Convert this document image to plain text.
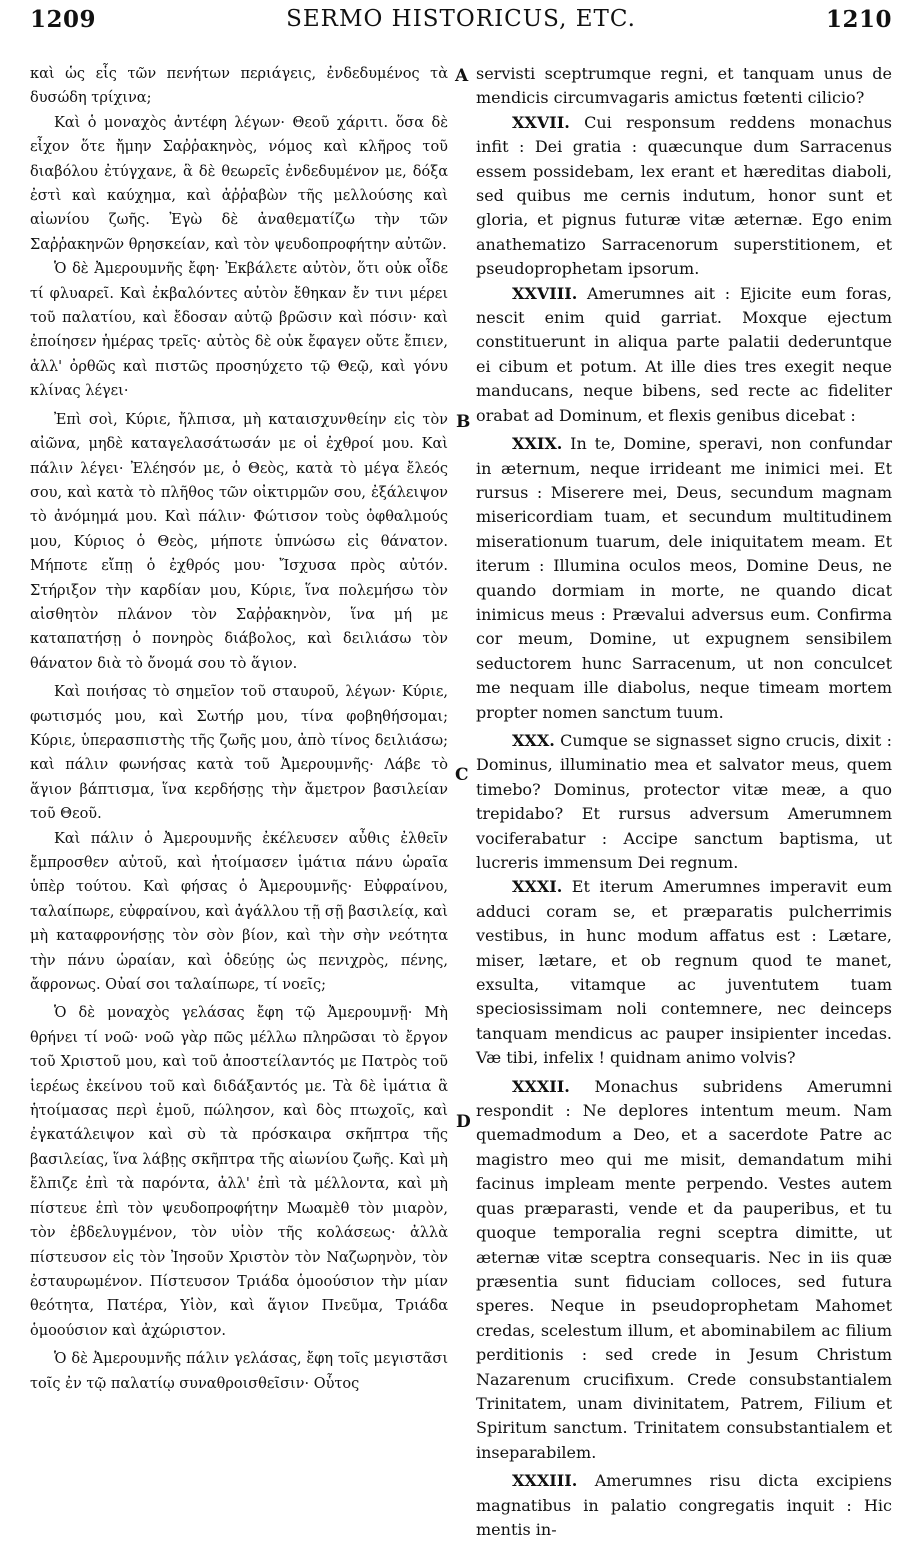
1209	SERMO HISTORICUS, ETC.	1210

καὶ ὡς εἷς τῶν πενήτων περιάγεις, ἐνδεδυμένος τὰ δυσώδη τρίχινα;

Καὶ ὁ μοναχὸς ἀντέφη λέγων· Θεοῦ χάριτι. ὅσα δὲ εἶχον ὅτε ἤμην Σαῤῥακηνὸς, νόμος καὶ κλῆρος τοῦ διαβόλου ἐτύγχανε, ἃ δὲ θεωρεῖς ἐνδεδυμένον με, δόξα ἐστὶ καὶ καύχημα, καὶ ἀῤῥαβὼν τῆς μελλούσης καὶ αἰωνίου ζωῆς. Ἐγὼ δὲ ἀναθεματίζω τὴν τῶν Σαῤῥακηνῶν θρησκείαν, καὶ τὸν ψευδοπροφήτην αὐτῶν.

Ὁ δὲ Ἀμερουμνῆς ἔφη· Ἐκβάλετε αὐτὸν, ὅτι οὐκ οἶδε τί φλυαρεῖ. Καὶ ἐκβαλόντες αὐτὸν ἔθηκαν ἔν τινι μέρει τοῦ παλατίου, καὶ ἔδοσαν αὐτῷ βρῶσιν καὶ πόσιν· καὶ ἐποίησεν ἡμέρας τρεῖς· αὐτὸς δὲ οὐκ ἔφαγεν οὔτε ἔπιεν, ἀλλ' ὀρθῶς καὶ πιστῶς προσηύχετο τῷ Θεῷ, καὶ γόνυ κλίνας λέγει·

Ἐπὶ σοὶ, Κύριε, ἤλπισα, μὴ καταισχυνθείην εἰς τὸν αἰῶνα, μηδὲ καταγελασάτωσάν με οἱ ἐχθροί μου. Καὶ πάλιν λέγει· Ἐλέησόν με, ὁ Θεὸς, κατὰ τὸ μέγα ἔλεός σου, καὶ κατὰ τὸ πλῆθος τῶν οἰκτιρμῶν σου, ἐξάλειψον τὸ ἀνόμημά μου. Καὶ πάλιν· Φώτισον τοὺς ὀφθαλμούς μου, Κύριος ὁ Θεὸς, μήποτε ὑπνώσω εἰς θάνατον. Μήποτε εἴπῃ ὁ ἐχθρός μου· Ἴσχυσα πρὸς αὐτόν. Στήριξον τὴν καρδίαν μου, Κύριε, ἵνα πολεμήσω τὸν αἰσθητὸν πλάνον τὸν Σαῤῥακηνὸν, ἵνα μή με καταπατήσῃ ὁ πονηρὸς διάβολος, καὶ δειλιάσω τὸν θάνατον διὰ τὸ ὄνομά σου τὸ ἅγιον.

Καὶ ποιήσας τὸ σημεῖον τοῦ σταυροῦ, λέγων· Κύριε, φωτισμός μου, καὶ Σωτήρ μου, τίνα φοβηθήσομαι; Κύριε, ὑπερασπιστὴς τῆς ζωῆς μου, ἀπὸ τίνος δειλιάσω; καὶ πάλιν φωνήσας κατὰ τοῦ Ἀμερουμνῆς· Λάβε τὸ ἅγιον βάπτισμα, ἵνα κερδήσῃς τὴν ἄμετρον βασιλείαν τοῦ Θεοῦ.

Καὶ πάλιν ὁ Ἀμερουμνῆς ἐκέλευσεν αὖθις ἐλθεῖν ἔμπροσθεν αὐτοῦ, καὶ ἡτοίμασεν ἱμάτια πάνυ ὡραῖα ὑπὲρ τούτου. Καὶ φήσας ὁ Ἀμερουμνῆς· Εὐφραίνου, ταλαίπωρε, εὐφραίνου, καὶ ἀγάλλου τῇ σῇ βασιλείᾳ, καὶ μὴ καταφρονήσῃς τὸν σὸν βίον, καὶ τὴν σὴν νεότητα τὴν πάνυ ὡραίαν, καὶ ὁδεύῃς ὡς πενιχρὸς, πένης, ἄφρονως. Οὐαί σοι ταλαίπωρε, τί νοεῖς;

Ὁ δὲ μοναχὸς γελάσας ἔφη τῷ Ἀμερουμνῇ· Μὴ θρήνει τί νοῶ· νοῶ γὰρ πῶς μέλλω πληρῶσαι τὸ ἔργον τοῦ Χριστοῦ μου, καὶ τοῦ ἀποστείλαντός με Πατρὸς τοῦ ἱερέως ἐκείνου τοῦ καὶ διδάξαντός με. Τὰ δὲ ἱμάτια ἃ ἡτοίμασας περὶ ἐμοῦ, πώλησον, καὶ δὸς πτωχοῖς, καὶ ἐγκατάλειψον καὶ σὺ τὰ πρόσκαιρα σκῆπτρα τῆς βασιλείας, ἵνα λάβῃς σκῆπτρα τῆς αἰωνίου ζωῆς. Καὶ μὴ ἔλπιζε ἐπὶ τὰ παρόντα, ἀλλ' ἐπὶ τὰ μέλλοντα, καὶ μὴ πίστευε ἐπὶ τὸν ψευδοπροφήτην Μωαμὲθ τὸν μιαρὸν, τὸν ἐβδελυγμένον, τὸν υἱὸν τῆς κολάσεως· ἀλλὰ πίστευσον εἰς τὸν Ἰησοῦν Χριστὸν τὸν Ναζωρηνὸν, τὸν ἐσταυρωμένον. Πίστευσον Τριάδα ὁμοούσιον τὴν μίαν θεότητα, Πατέρα, Υἱὸν, καὶ ἅγιον Πνεῦμα, Τριάδα ὁμοούσιον καὶ ἀχώριστον.

Ὁ δὲ Ἀμερουμνῆς πάλιν γελάσας, ἔφη τοῖς μεγιστᾶσι τοῖς ἐν τῷ παλατίῳ συναθροισθεῖσιν· Οὗτος

A
B
C
D

servisti sceptrumque regni, et tanquam unus de mendicis circumvagaris amictus fœtenti cilicio?

XXVII. Cui responsum reddens monachus infit : Dei gratia : quæcunque dum Sarracenus essem possidebam, lex erant et hæreditas diaboli, sed quibus me cernis indutum, honor sunt et gloria, et pignus futuræ vitæ æternæ. Ego enim anathematizo Sarracenorum superstitionem, et pseudoprophetam ipsorum.

XXVIII. Amerumnes ait : Ejicite eum foras, nescit enim quid garriat. Moxque ejectum constituerunt in aliqua parte palatii dederuntque ei cibum et potum. At ille dies tres exegit neque manducans, neque bibens, sed recte ac fideliter orabat ad Dominum, et flexis genibus dicebat :

XXIX. In te, Domine, speravi, non confundar in æternum, neque irrideant me inimici mei. Et rursus : Miserere mei, Deus, secundum magnam misericordiam tuam, et secundum multitudinem miserationum tuarum, dele iniquitatem meam. Et iterum : Illumina oculos meos, Domine Deus, ne quando dormiam in morte, ne quando dicat inimicus meus : Prævalui adversus eum. Confirma cor meum, Domine, ut expugnem sensibilem seductorem hunc Sarracenum, ut non conculcet me nequam ille diabolus, neque timeam mortem propter nomen sanctum tuum.

XXX. Cumque se signasset signo crucis, dixit : Dominus, illuminatio mea et salvator meus, quem timebo? Dominus, protector vitæ meæ, a quo trepidabo? Et rursus adversum Amerumnem vociferabatur : Accipe sanctum baptisma, ut lucreris immensum Dei regnum.

XXXI. Et iterum Amerumnes imperavit eum adduci coram se, et præparatis pulcherrimis vestibus, in hunc modum affatus est : Lætare, miser, lætare, et ob regnum quod te manet, exsulta, vitamque ac juventutem tuam speciosissimam noli contemnere, nec deinceps tanquam mendicus ac pauper insipienter incedas. Væ tibi, infelix ! quidnam animo volvis?

XXXII. Monachus subridens Amerumni respondit : Ne deplores intentum meum. Nam quemadmodum a Deo, et a sacerdote Patre ac magistro meo qui me misit, demandatum mihi facinus impleam mente perpendo. Vestes autem quas præparasti, vende et da pauperibus, et tu quoque temporalia regni sceptra dimitte, ut æternæ vitæ sceptra consequaris. Nec in iis quæ præsentia sunt fiduciam colloces, sed futura speres. Neque in pseudoprophetam Mahomet credas, scelestum illum, et abominabilem ac filium perditionis : sed crede in Jesum Christum Nazarenum crucifixum. Crede consubstantialem Trinitatem, unam divinitatem, Patrem, Filium et Spiritum sanctum. Trinitatem consubstantialem et inseparabilem.

XXXIII. Amerumnes risu dicta excipiens magnatibus in palatio congregatis inquit : Hic mentis in-
